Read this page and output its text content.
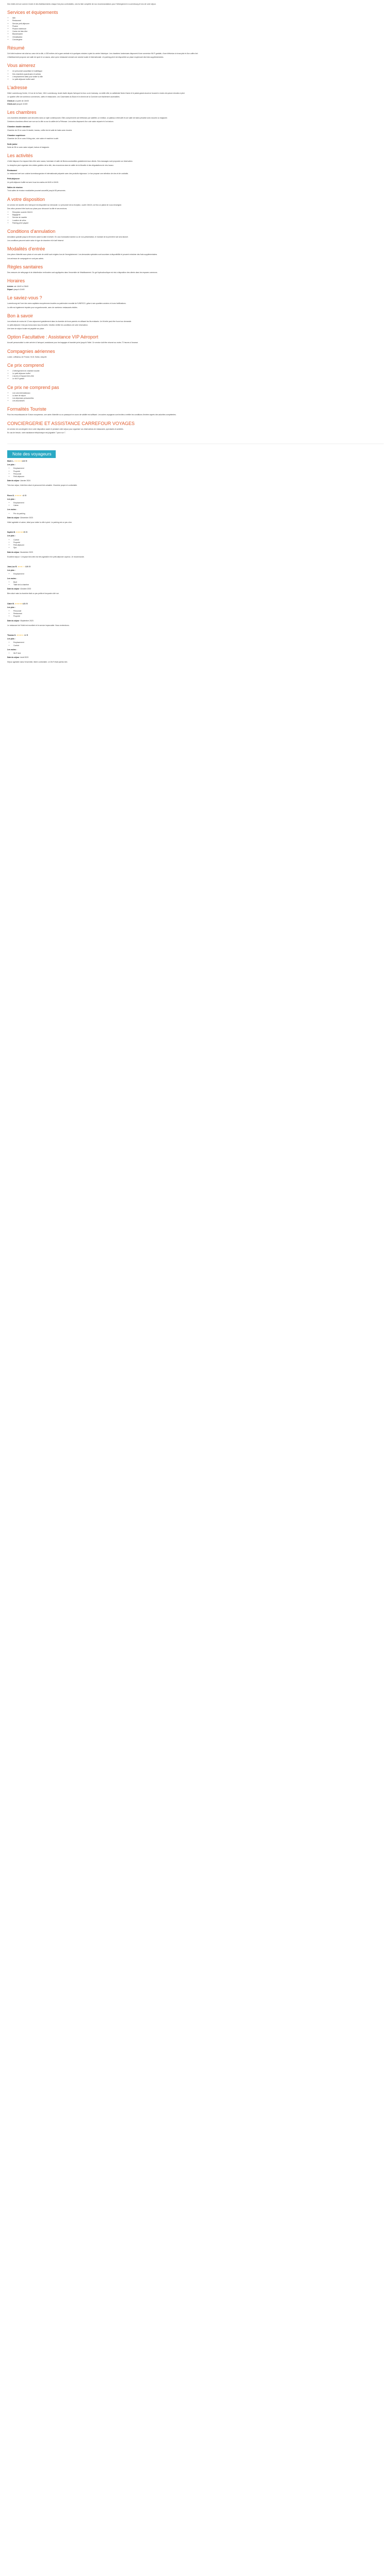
Des hôtels de luxe comme Zurich et des établissements chaque fois plus confortables, voici la liste complète de nos recommandations pour l'hébergement à Luxembourg et lors de votre séjour.

Services et équipements
• Wifi
• Restaurant
• Service petit-déjeuner
• Piscine
• Piscine extérieure
• Centre de bien-être
• Blanchisserie
• Climatisation
• Conciergerie
Résumé

Cet hôtel moderne est situé au cœur de la ville, à 300 mètres de la gare centrale et à quelques minutes à pied du centre historique. Les chambres lumineuses disposent d'une connexion Wi-Fi gratuite, d'une télévision à écran plat et d'un coffre-fort.

L'établissement propose une salle de sport et un sauna, ainsi qu'un restaurant servant une cuisine locale et internationale. Un parking privé est disponible sur place moyennant des frais supplémentaires.

Vous aimerez
• Un personnel accueillant et multilingue
• Des chambres spacieuses et calmes
• L'emplacement idéal pour visiter la ville
• Le petit-déjeuner buffet varié
L'adresse

Hôtel Luxembourg Centre, 12 rue de la Gare, 1611 Luxembourg. Accès facile depuis l'aéroport en bus ou en tramway. La vieille ville, la cathédrale Notre-Dame et le palais grand-ducal se trouvent à moins de quinze minutes à pied.

Le quartier offre de nombreux commerces, cafés et restaurants. Les Casemates du Bock et le chemin de la Corniche sont facilement accessibles.

Check-in :à partir de 14h00

Check-out :jusqu'à 11h00

Les chambres

Les chambres climatisées sont décorées dans un style contemporain. Elles comprennent une télévision par satellite, un minibar, un plateau à thé/café et une salle de bains privative avec douche ou baignoire.

Certaines chambres offrent une vue sur la ville ou sur la vallée de la Pétrusse. Les suites disposent d'un coin salon séparé et d'un balcon.

Chambre double standard

Chambre de 20 m² avec lit double, bureau, coffre-fort et salle de bains avec douche.

Chambre supérieure

Chambre de 26 m² avec lit king-size, coin salon et machine à café.

Suite junior

Suite de 38 m² avec salon séparé, balcon et baignoire.

Les activités

L'hôtel dispose d'un espace bien-être avec sauna, hammam et salle de fitness accessibles gratuitement aux clients. Des massages sont proposés sur réservation.

La réception peut organiser des visites guidées de la ville, des excursions dans la vallée de la Moselle et des dégustations de vins locaux.

Restaurant

Le restaurant sert une cuisine luxembourgeoise et internationale préparée avec des produits régionaux. Le bar propose une sélection de vins et de cocktails.

Petit-déjeuner

Un petit-déjeuner buffet est servi tous les matins de 6h30 à 10h30.

Salles de réunion

Trois salles de réunion modulables pouvant accueillir jusqu'à 80 personnes.

A votre disposition

Un service de navette vers l'aéroport est disponible sur demande. Le personnel de la réception, ouvert 24h/24, se fera un plaisir de vous renseigner.

Des vélos peuvent être loués sur place pour découvrir la ville et ses environs.

• Réception ouverte 24h/24
• Bagagerie
• Service de navette
• Location de vélos
• Parking privé payant
Conditions d'annulation

Annulation gratuite jusqu'à 48 heures avant la date d'arrivée. En cas d'annulation tardive ou de non-présentation, le montant de la première nuit sera facturé.

Les conditions peuvent varier selon le type de chambre et le tarif réservé.

Modalités d'entrée

Une pièce d'identité avec photo et une carte de crédit sont exigées lors de l'enregistrement. Les demandes spéciales sont soumises à disponibilité et peuvent entraîner des frais supplémentaires.

Les animaux de compagnie ne sont pas admis.

Règles sanitaires

Des mesures de nettoyage et de désinfection renforcées sont appliquées dans l'ensemble de l'établissement. Du gel hydroalcoolique est mis à disposition des clients dans les espaces communs.

Horaires

Arrivée :de 14h00 à 23h00

Départ :jusqu'à 11h00

Le saviez-vous ?

Luxembourg est l'une des rares capitales européennes inscrites au patrimoine mondial de l'UNESCO, grâce à ses quartiers anciens et à ses fortifications.

La ville est également réputée pour sa gastronomie, avec de nombreux restaurants étoilés.

Bon à savoir

Les enfants de moins de 12 ans séjournent gratuitement dans la chambre de leurs parents en utilisant les lits existants. Un lit bébé peut être fourni sur demande.

Le petit-déjeuner n'est pas inclus dans tous les tarifs. Veuillez vérifier les conditions de votre réservation.

Une taxe de séjour locale est payable sur place.

Option Facultative : Assistance VIP Aéroport

Accueil personnalisé à votre arrivée à l'aéroport, assistance pour les bagages et transfert privé jusqu'à l'hôtel. Ce service doit être réservé au moins 72 heures à l'avance.

Compagnies aériennes

Luxair, Lufthansa, Air France, KLM, Swiss, easyJet.

Ce prix comprend
• L'hébergement en chambre double
• Le petit-déjeuner buffet
• L'accès à l'espace bien-être
• Le Wi-Fi gratuit
Ce prix ne comprend pas
• Les vols internationaux
• La taxe de séjour
• Les dépenses personnelles
• Les assurances
Formalités Touriste

Pour les ressortissants de l'Union européenne, une carte d'identité ou un passeport en cours de validité est suffisant. Les autres voyageurs sont invités à vérifier les conditions d'entrée auprès des autorités compétentes.

CONCIERGERIE ET ASSISTANCE CARREFOUR VOYAGES

Un service de conciergerie est à votre disposition avant et pendant votre séjour pour organiser vos réservations de restaurants, spectacles et activités.

En cas de besoin, notre assistance téléphonique est joignable 7 jours sur 7.

Note des voyageurs

Marie L. ★★★★★4.5 / 5

Les plus :

• Emplacement
• Propreté
• Personnel
• Petit-déjeuner

Date du séjour :Janvier 2024

Très bon séjour, hôtel bien situé et personnel très aimable. Chambre propre et confortable.

Pierre D. ★★★★☆4 / 5

Les plus :

• Emplacement
• Calme

Les moins :

• Prix du parking

Date du séjour :Décembre 2023

Hôtel agréable et calme, idéal pour visiter la ville à pied. Le parking est un peu cher.

Sophie M. ★★★★★5 / 5

Les plus :

• Confort
• Propreté
• Petit-déjeuner
• Spa

Date du séjour :Novembre 2023

Excellent séjour ! L'espace bien-être est très agréable et le petit-déjeuner copieux. Je recommande.

Jean-Luc R. ★★★☆☆3.5 / 5

Les plus :

• Emplacement

Les moins :

• Bruit
• Taille de la chambre

Date du séjour :Octobre 2023

Bien situé mais la chambre était un peu petite et bruyante côté rue.

Claire B. ★★★★★4.5 / 5

Les plus :

• Personnel
• Restaurant
• Propreté

Date du séjour :Septembre 2023

Le restaurant de l'hôtel est excellent et le service impeccable. Nous reviendrons.

Thomas K. ★★★★☆4 / 5

Les plus :

• Emplacement
• Confort

Les moins :

• Wi-Fi lent

Date du séjour :Août 2023

Séjour agréable dans l'ensemble, literie confortable. Le Wi-Fi était parfois lent.
